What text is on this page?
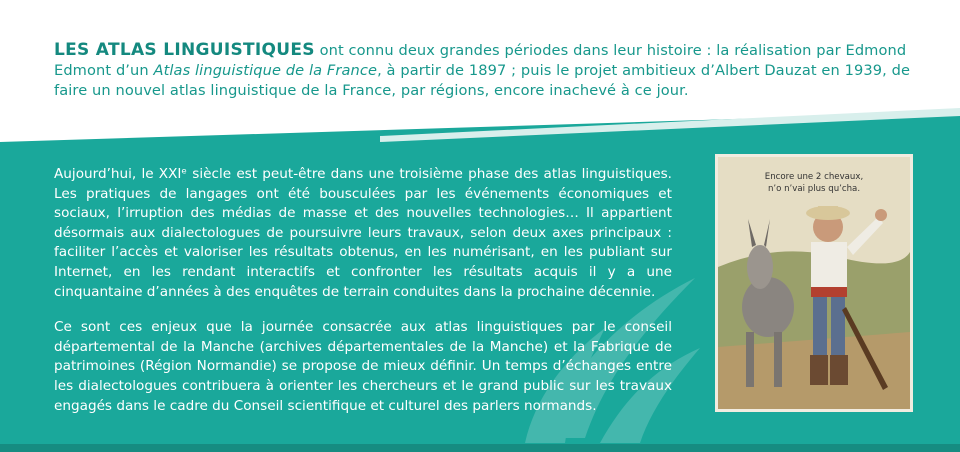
LES ATLAS LINGUISTIQUES ont connu deux grandes périodes dans leur histoire : la réalisation par Edmond Edmont d’un Atlas linguistique de la France, à partir de 1897 ; puis le projet ambitieux d’Albert Dauzat en 1939, de faire un nouvel atlas linguistique de la France, par régions, encore inachevé à ce jour.

Aujourd’hui, le XXIᵉ siècle est peut-être dans une troisième phase des atlas linguistiques. Les pratiques de langages ont été bousculées par les événements économiques et sociaux, l’irruption des médias de masse et des nouvelles technologies… Il appartient désormais aux dialectologues de poursuivre leurs travaux, selon deux axes principaux : faciliter l’accès et valoriser les résultats obtenus, en les numérisant, en les publiant sur Internet, en les rendant interactifs et confronter les résultats acquis il y a une cinquantaine d’années à des enquêtes de terrain conduites dans la prochaine décennie.

Ce sont ces enjeux que la journée consacrée aux atlas linguistiques par le conseil départemental de la Manche (archives départementales de la Manche) et la Fabrique de patrimoines (Région Normandie) se propose de mieux définir. Un temps d’échanges entre les dialectologues contribuera à orienter les chercheurs et le grand public sur les travaux engagés dans le cadre du Conseil scientifique et culturel des parlers normands.

Encore une 2 chevaux,
n’o n’vai plus qu’cha.
